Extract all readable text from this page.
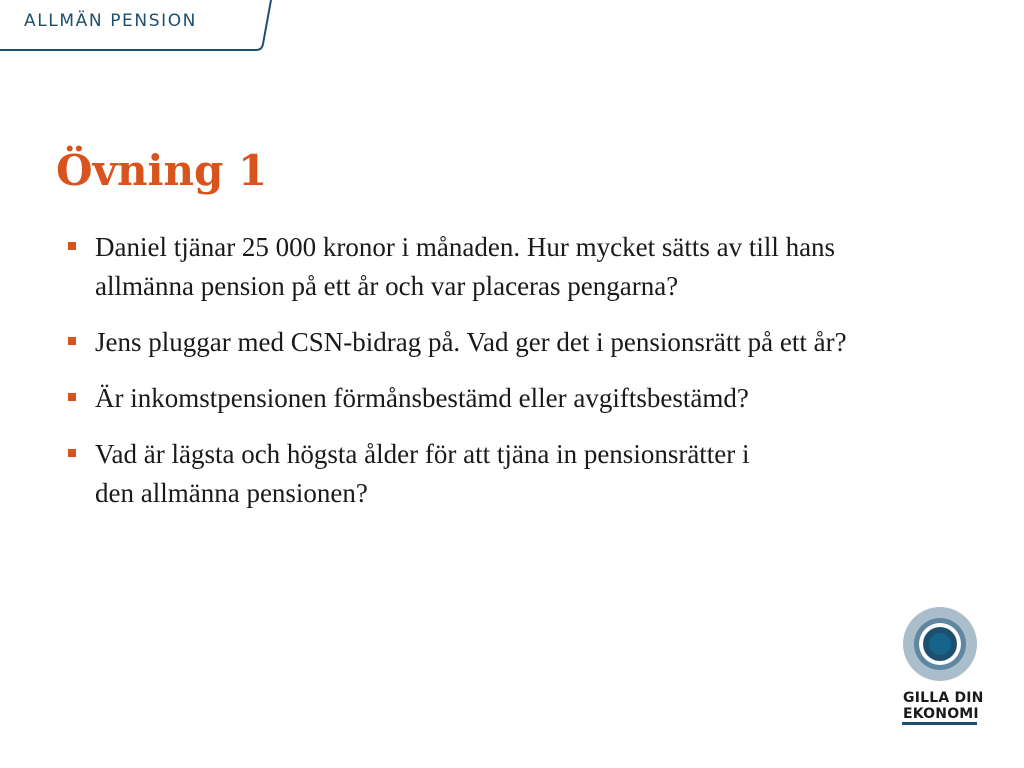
ALLMÄN PENSION
Övning 1
Daniel tjänar 25 000 kronor i månaden. Hur mycket sätts av till hans allmänna pension på ett år och var placeras pengarna?
Jens pluggar med CSN-bidrag på. Vad ger det i pensionsrätt på ett år?
Är inkomstpensionen förmånsbestämd eller avgiftsbestämd?
Vad är lägsta och högsta ålder för att tjäna in pensionsrätter i den allmänna pensionen?
GILLA DIN
EKONOMI
